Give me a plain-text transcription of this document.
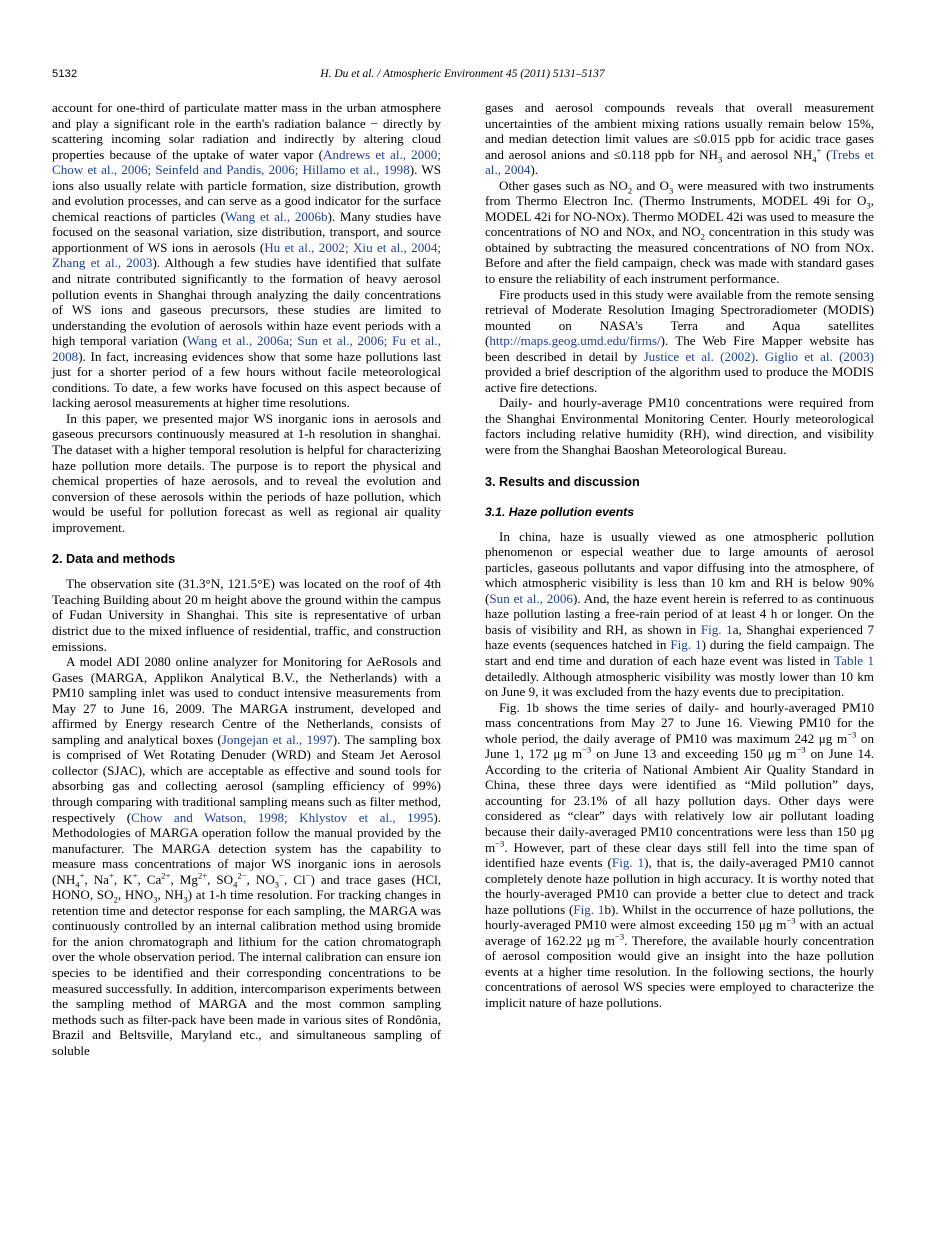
5132	H. Du et al. / Atmospheric Environment 45 (2011) 5131–5137

account for one-third of particulate matter mass in the urban atmosphere and play a significant role in the earth's radiation balance − directly by scattering incoming solar radiation and indirectly by altering cloud properties because of the uptake of water vapor (Andrews et al., 2000; Chow et al., 2006; Seinfeld and Pandis, 2006; Hillamo et al., 1998). WS ions also usually relate with particle formation, size distribution, growth and evolution processes, and can serve as a good indicator for the surface chemical reactions of particles (Wang et al., 2006b). Many studies have focused on the seasonal variation, size distribution, transport, and source apportionment of WS ions in aerosols (Hu et al., 2002; Xiu et al., 2004; Zhang et al., 2003). Although a few studies have identified that sulfate and nitrate contributed significantly to the formation of heavy aerosol pollution events in Shanghai through analyzing the daily concentrations of WS ions and gaseous precursors, these studies are limited to understanding the evolution of aerosols within haze event periods with a high temporal variation (Wang et al., 2006a; Sun et al., 2006; Fu et al., 2008). In fact, increasing evidences show that some haze pollutions last just for a shorter period of a few hours without facile meteorological conditions. To date, a few works have focused on this aspect because of lacking aerosol measurements at higher time resolutions.

In this paper, we presented major WS inorganic ions in aerosols and gaseous precursors continuously measured at 1-h resolution in shanghai. The dataset with a higher temporal resolution is helpful for characterizing haze pollution more details. The purpose is to report the physical and chemical properties of haze aerosols, and to reveal the evolution and conversion of these aerosols within the periods of haze pollution, which would be useful for pollution forecast as well as regional air quality improvement.

2. Data and methods

The observation site (31.3°N, 121.5°E) was located on the roof of 4th Teaching Building about 20 m height above the ground within the campus of Fudan University in Shanghai. This site is representative of urban district due to the mixed influence of residential, traffic, and construction emissions.

A model ADI 2080 online analyzer for Monitoring for AeRosols and Gases (MARGA, Applikon Analytical B.V., the Netherlands) with a PM10 sampling inlet was used to conduct intensive measurements from May 27 to June 16, 2009. The MARGA instrument, developed and affirmed by Energy research Centre of the Netherlands, consists of sampling and analytical boxes (Jongejan et al., 1997). The sampling box is comprised of Wet Rotating Denuder (WRD) and Steam Jet Aerosol collector (SJAC), which are acceptable as effective and sound tools for absorbing gas and collecting aerosol (sampling efficiency of 99%) through comparing with traditional sampling means such as filter method, respectively (Chow and Watson, 1998; Khlystov et al., 1995). Methodologies of MARGA operation follow the manual provided by the manufacturer. The MARGA detection system has the capability to measure mass concentrations of major WS inorganic ions in aerosols ($NH_4^+$, Na+, K+, $Ca^{2+}$, $Mg^{2+}$, $SO_4^{2-}$, $NO_3^-$, Cl−) and trace gases (HCl, HONO, $SO_2$, $HNO_3$, $NH_3$) at 1-h time resolution. For tracking changes in retention time and detector response for each sampling, the MARGA was continuously controlled by an internal calibration method using bromide for the anion chromatograph and lithium for the cation chromatograph over the whole observation period. The internal calibration can ensure ion species to be identified and their corresponding concentrations to be measured successfully. In addition, intercomparison experiments between the sampling method of MARGA and the most common sampling methods such as filter-pack have been made in various sites of Rondônia, Brazil and Beltsville, Maryland etc., and simultaneous sampling of soluble

gases and aerosol compounds reveals that overall measurement uncertainties of the ambient mixing rations usually remain below 15%, and median detection limit values are ≤0.015 ppb for acidic trace gases and aerosol anions and ≤0.118 ppb for $NH_3$ and aerosol $NH_4^+$ (Trebs et al., 2004).

Other gases such as $NO_2$ and $O_3$ were measured with two instruments from Thermo Electron Inc. (Thermo Instruments, MODEL 49i for $O_3$, MODEL 42i for NO-NOx). Thermo MODEL 42i was used to measure the concentrations of NO and NOx, and $NO_2$ concentration in this study was obtained by subtracting the measured concentrations of NO from NOx. Before and after the field campaign, check was made with standard gases to ensure the reliability of each instrument performance.

Fire products used in this study were available from the remote sensing retrieval of Moderate Resolution Imaging Spectroradiometer (MODIS) mounted on NASA's Terra and Aqua satellites (http://maps.geog.umd.edu/firms/). The Web Fire Mapper website has been described in detail by Justice et al. (2002). Giglio et al. (2003) provided a brief description of the algorithm used to produce the MODIS active fire detections.

Daily- and hourly-average PM10 concentrations were required from the Shanghai Environmental Monitoring Center. Hourly meteorological factors including relative humidity (RH), wind direction, and visibility were from the Shanghai Baoshan Meteorological Bureau.

3. Results and discussion
3.1. Haze pollution events

In china, haze is usually viewed as one atmospheric pollution phenomenon or especial weather due to large amounts of aerosol particles, gaseous pollutants and vapor diffusing into the atmosphere, of which atmospheric visibility is less than 10 km and RH is below 90% (Sun et al., 2006). And, the haze event herein is referred to as continuous haze pollution lasting a free-rain period of at least 4 h or longer. On the basis of visibility and RH, as shown in Fig. 1a, Shanghai experienced 7 haze events (sequences hatched in Fig. 1) during the field campaign. The start and end time and duration of each haze event was listed in Table 1 detailedly. Although atmospheric visibility was mostly lower than 10 km on June 9, it was excluded from the hazy events due to precipitation.

Fig. 1b shows the time series of daily- and hourly-averaged PM10 mass concentrations from May 27 to June 16. Viewing PM10 for the whole period, the daily average of PM10 was maximum 242 μg $m^{-3}$ on June 1, 172 μg $m^{-3}$ on June 13 and exceeding 150 μg $m^{-3}$ on June 14. According to the criteria of National Ambient Air Quality Standard in China, these three days were identified as “Mild pollution” days, accounting for 23.1% of all hazy pollution days. Other days were considered as “clear” days with relatively low air pollutant loading because their daily-averaged PM10 concentrations were less than 150 μg $m^{-3}$. However, part of these clear days still fell into the time span of identified haze events (Fig. 1), that is, the daily-averaged PM10 cannot completely denote haze pollution in high accuracy. It is worthy noted that the hourly-averaged PM10 can provide a better clue to detect and track haze pollutions (Fig. 1b). Whilst in the occurrence of haze pollutions, the hourly-averaged PM10 were almost exceeding 150 μg $m^{-3}$ with an actual average of 162.22 μg $m^{-3}$. Therefore, the available hourly concentration of aerosol composition would give an insight into the haze pollution events at a higher time resolution. In the following sections, the hourly concentrations of aerosol WS species were employed to characterize the implicit nature of haze pollutions.
